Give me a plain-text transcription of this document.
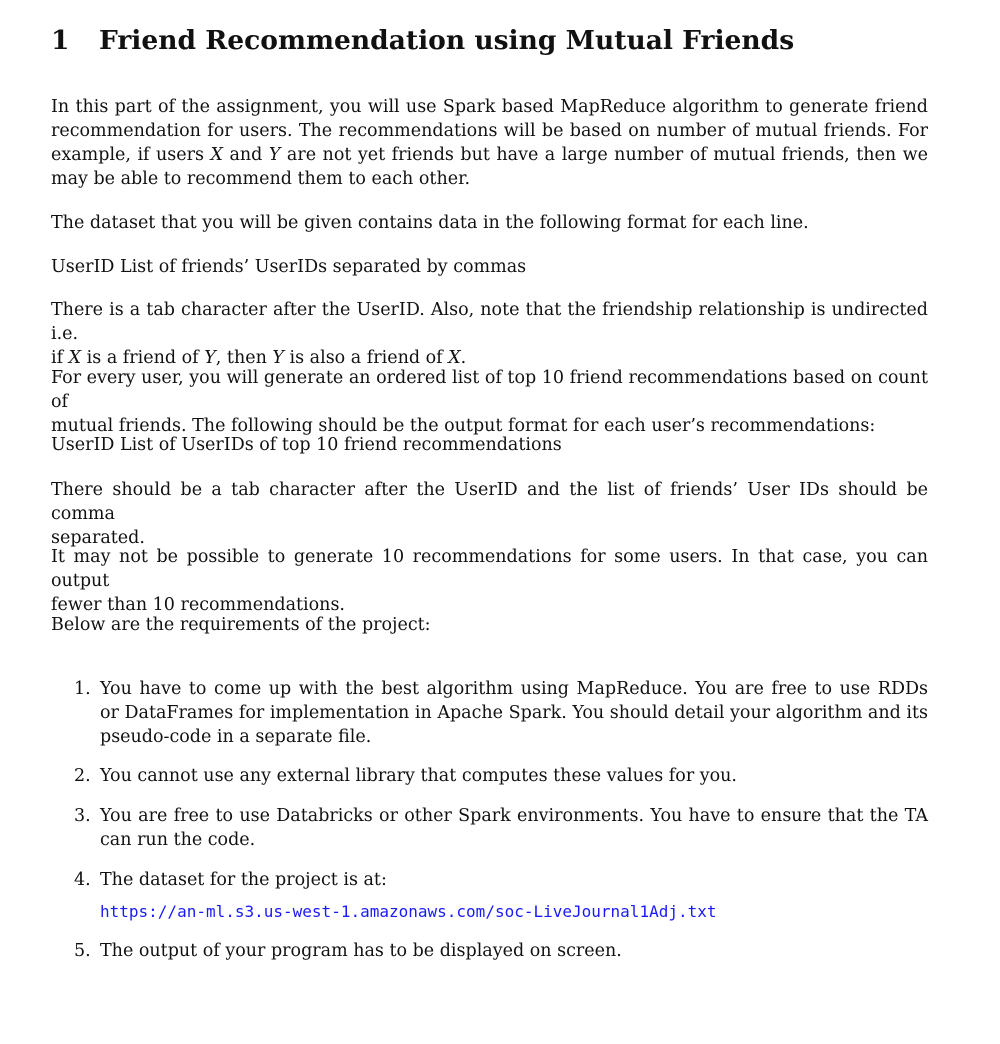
1 Friend Recommendation using Mutual Friends
In this part of the assignment, you will use Spark based MapReduce algorithm to generate friend
recommendation for users. The recommendations will be based on number of mutual friends. For
example, if users X and Y are not yet friends but have a large number of mutual friends, then we
may be able to recommend them to each other.
The dataset that you will be given contains data in the following format for each line.
UserID List of friends’ UserIDs separated by commas
There is a tab character after the UserID. Also, note that the friendship relationship is undirected i.e.
if X is a friend of Y, then Y is also a friend of X.
For every user, you will generate an ordered list of top 10 friend recommendations based on count of
mutual friends. The following should be the output format for each user’s recommendations:
UserID List of UserIDs of top 10 friend recommendations
There should be a tab character after the UserID and the list of friends’ User IDs should be comma
separated.
It may not be possible to generate 10 recommendations for some users. In that case, you can output
fewer than 10 recommendations.
Below are the requirements of the project:
1. You have to come up with the best algorithm using MapReduce. You are free to use RDDs
or DataFrames for implementation in Apache Spark. You should detail your algorithm and its
pseudo-code in a separate file.
2. You cannot use any external library that computes these values for you.
3. You are free to use Databricks or other Spark environments. You have to ensure that the TA
can run the code.
4. The dataset for the project is at:
https://an-ml.s3.us-west-1.amazonaws.com/soc-LiveJournal1Adj.txt
5. The output of your program has to be displayed on screen.
